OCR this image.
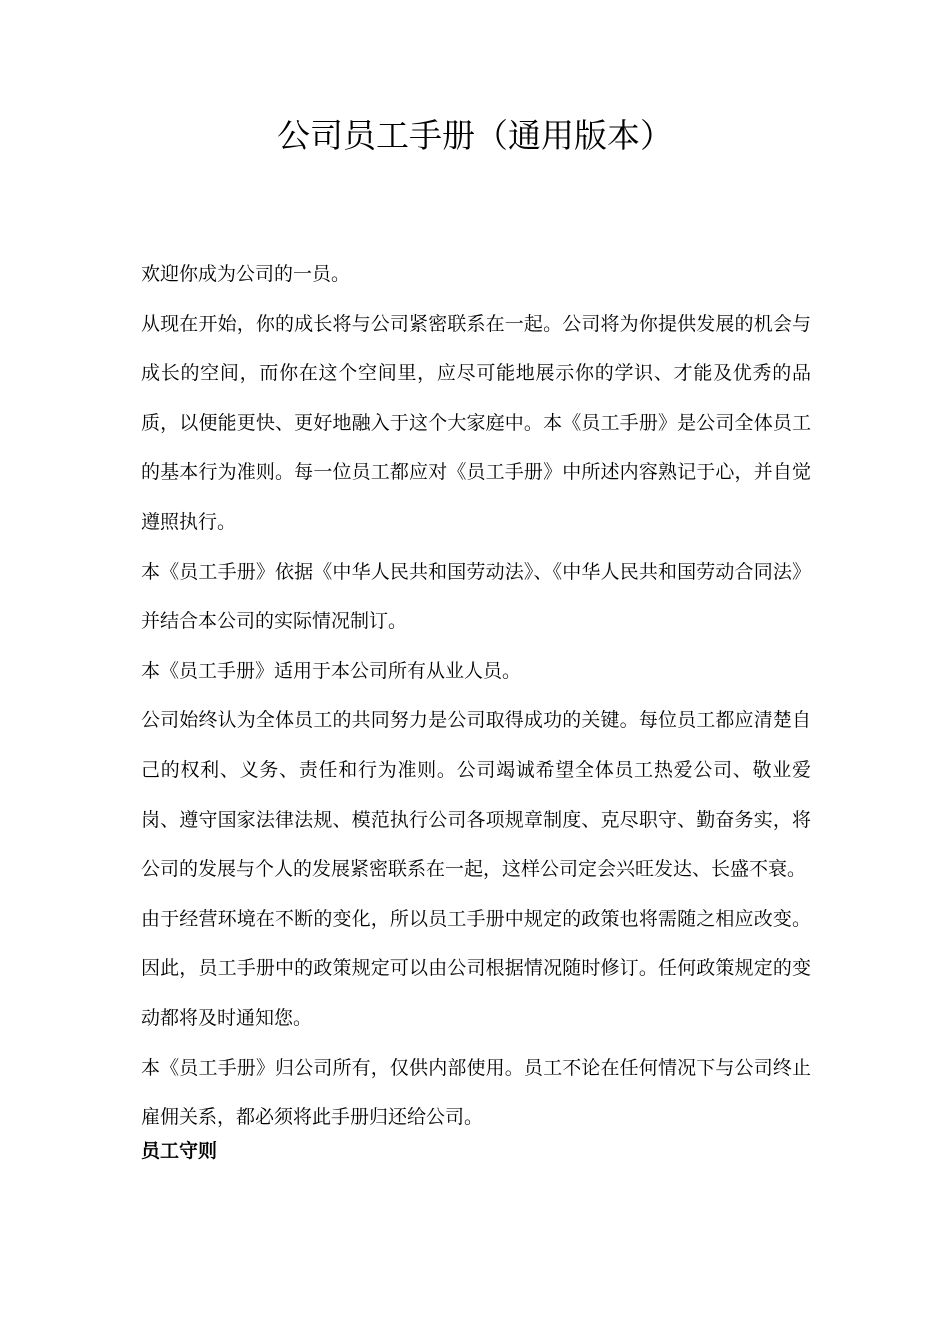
公司员工手册（通用版本）

欢迎你成为公司的一员。

从现在开始，你的成长将与公司紧密联系在一起。公司将为你提供发展的机会与成长的空间，而你在这个空间里，应尽可能地展示你的学识、才能及优秀的品质，以便能更快、更好地融入于这个大家庭中。本《员工手册》是公司全体员工的基本行为准则。每一位员工都应对《员工手册》中所述内容熟记于心，并自觉遵照执行。

本《员工手册》依据《中华人民共和国劳动法》、《中华人民共和国劳动合同法》并结合本公司的实际情况制订。

本《员工手册》适用于本公司所有从业人员。

公司始终认为全体员工的共同努力是公司取得成功的关键。每位员工都应清楚自己的权利、义务、责任和行为准则。公司竭诚希望全体员工热爱公司、敬业爱岗、遵守国家法律法规、模范执行公司各项规章制度、克尽职守、勤奋务实，将公司的发展与个人的发展紧密联系在一起，这样公司定会兴旺发达、长盛不衰。

由于经营环境在不断的变化，所以员工手册中规定的政策也将需随之相应改变。因此，员工手册中的政策规定可以由公司根据情况随时修订。任何政策规定的变动都将及时通知您。

本《员工手册》归公司所有，仅供内部使用。员工不论在任何情况下与公司终止雇佣关系，都必须将此手册归还给公司。

员工守则
